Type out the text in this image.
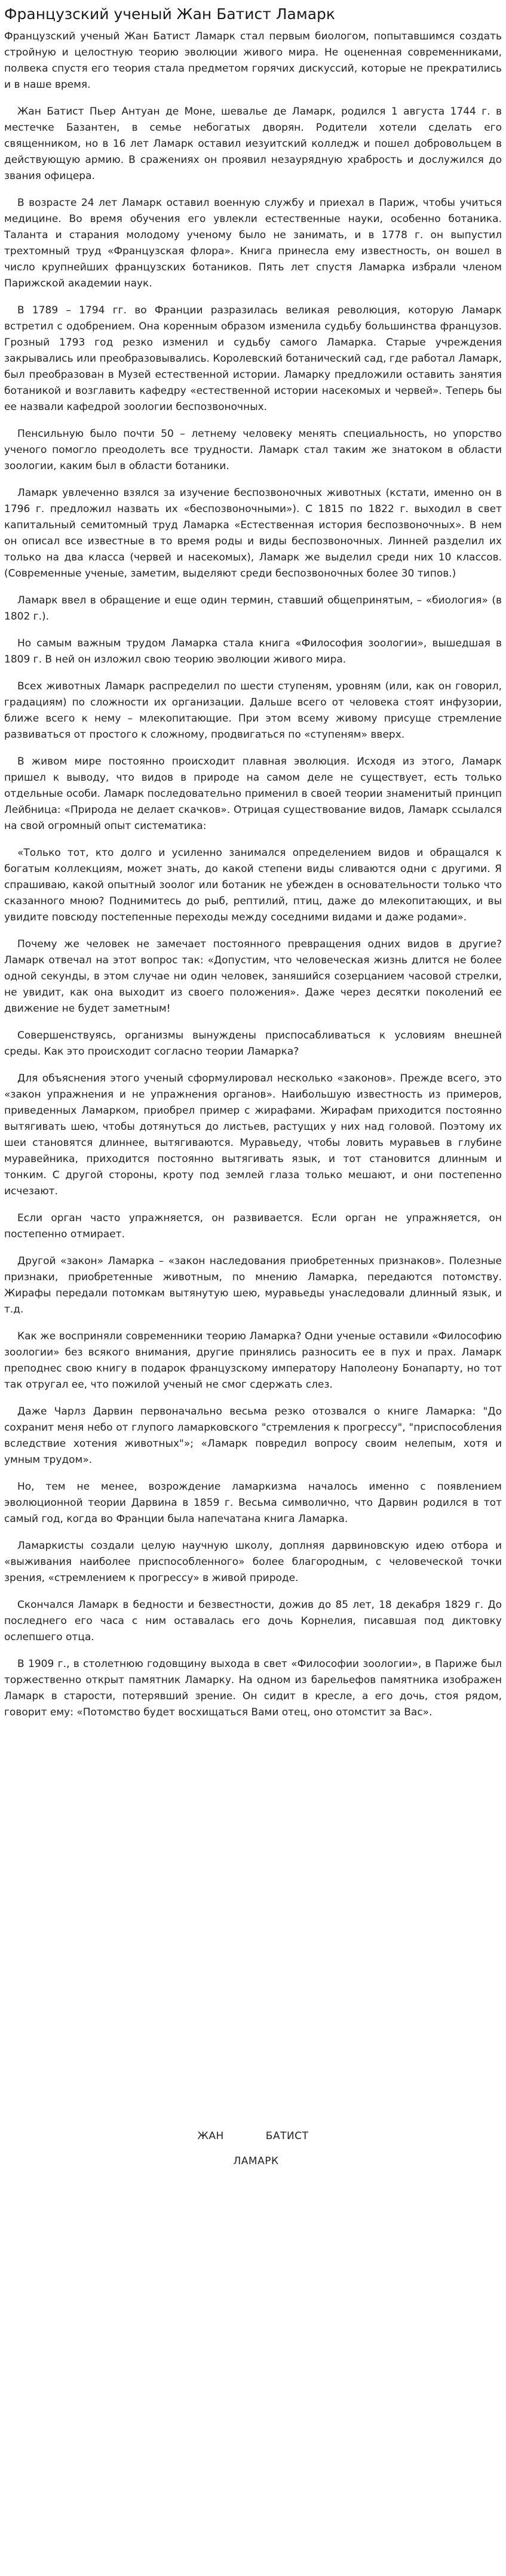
Французский ученый Жан Батист Ламарк

Французский ученый Жан Батист Ламарк стал первым биологом, попытавшимся создать стройную и целостную теорию эволюции живого мира. Не оцененная современниками, полвека спустя его теория стала предметом горячих дискуссий, которые не прекратились и в наше время.

Жан Батист Пьер Антуан де Моне, шевалье де Ламарк, родился 1 августа 1744 г. в местечке Базантен, в семье небогатых дворян. Родители хотели сделать его священником, но в 16 лет Ламарк оставил иезуитский колледж и пошел добровольцем в действующую армию. В сражениях он проявил незаурядную храбрость и дослужился до звания офицера.

В возрасте 24 лет Ламарк оставил военную службу и приехал в Париж, чтобы учиться медицине. Во время обучения его увлекли естественные науки, особенно ботаника. Таланта и старания молодому ученому было не занимать, и в 1778 г. он выпустил трехтомный труд «Французская флора». Книга принесла ему известность, он вошел в число крупнейших французских ботаников. Пять лет спустя Ламарка избрали членом Парижской академии наук.

В 1789 – 1794 гг. во Франции разразилась великая революция, которую Ламарк встретил с одобрением. Она коренным образом изменила судьбу большинства французов. Грозный 1793 год резко изменил и судьбу самого Ламарка. Старые учреждения закрывались или преобразовывались. Королевский ботанический сад, где работал Ламарк, был преобразован в Музей естественной истории. Ламарку предложили оставить занятия ботаникой и возглавить кафедру «естественной истории насекомых и червей». Теперь бы ее назвали кафедрой зоологии беспозвоночных.

Пенсильную было почти 50 – летнему человеку менять специальность, но упорство ученого помогло преодолеть все трудности. Ламарк стал таким же знатоком в области зоологии, каким был в области ботаники.

Ламарк увлеченно взялся за изучение беспозвоночных животных (кстати, именно он в 1796 г. предложил назвать их «беспозвоночными»). С 1815 по 1822 г. выходил в свет капитальный семитомный труд Ламарка «Естественная история беспозвоночных». В нем он описал все известные в то время роды и виды беспозвоночных. Линней разделил их только на два класса (червей и насекомых), Ламарк же выделил среди них 10 классов. (Современные ученые, заметим, выделяют среди беспозвоночных более 30 типов.)

Ламарк ввел в обращение и еще один термин, ставший общепринятым, – «биология» (в 1802 г.).

Но самым важным трудом Ламарка стала книга «Философия зоологии», вышедшая в 1809 г. В ней он изложил свою теорию эволюции живого мира.

Всех животных Ламарк распределил по шести ступеням, уровням (или, как он говорил, градациям) по сложности их организации. Дальше всего от человека стоят инфузории, ближе всего к нему – млекопитающие. При этом всему живому присуще стремление развиваться от простого к сложному, продвигаться по «ступеням» вверх.

В живом мире постоянно происходит плавная эволюция. Исходя из этого, Ламарк пришел к выводу, что видов в природе на самом деле не существует, есть только отдельные особи. Ламарк последовательно применил в своей теории знаменитый принцип Лейбница: «Природа не делает скачков». Отрицая существование видов, Ламарк ссылался на свой огромный опыт систематика:

«Только тот, кто долго и усиленно занимался определением видов и обращался к богатым коллекциям, может знать, до какой степени виды сливаются одни с другими. Я спрашиваю, какой опытный зоолог или ботаник не убежден в основательности только что сказанного мною? Поднимитесь до рыб, рептилий, птиц, даже до млекопитающих, и вы увидите повсюду постепенные переходы между соседними видами и даже родами».

Почему же человек не замечает постоянного превращения одних видов в другие? Ламарк отвечал на этот вопрос так: «Допустим, что человеческая жизнь длится не более одной секунды, в этом случае ни один человек, заняшийся созерцанием часовой стрелки, не увидит, как она выходит из своего положения». Даже через десятки поколений ее движение не будет заметным!

Совершенствуясь, организмы вынуждены приспосабливаться к условиям внешней среды. Как это происходит согласно теории Ламарка?

Для объяснения этого ученый сформулировал несколько «законов». Прежде всего, это «закон упражнения и не упражнения органов». Наибольшую известность из примеров, приведенных Ламарком, приобрел пример с жирафами. Жирафам приходится постоянно вытягивать шею, чтобы дотянуться до листьев, растущих у них над головой. Поэтому их шеи становятся длиннее, вытягиваются. Муравьеду, чтобы ловить муравьев в глубине муравейника, приходится постоянно вытягивать язык, и тот становится длинным и тонким. С другой стороны, кроту под землей глаза только мешают, и они постепенно исчезают.

Если орган часто упражняется, он развивается. Если орган не упражняется, он постепенно отмирает.

Другой «закон» Ламарка – «закон наследования приобретенных признаков». Полезные признаки, приобретенные животным, по мнению Ламарка, передаются потомству. Жирафы передали потомкам вытянутую шею, муравьеды унаследовали длинный язык, и т.д.

Как же восприняли современники теорию Ламарка? Одни ученые оставили «Философию зоологии» без всякого внимания, другие принялись разносить ее в пух и прах. Ламарк преподнес свою книгу в подарок французскому императору Наполеону Бонапарту, но тот так отругал ее, что пожилой ученый не смог сдержать слез.

Даже Чарлз Дарвин первоначально весьма резко отозвался о книге Ламарка: "До сохранит меня небо от глупого ламарковского "стремления к прогрессу", "приспособления вследствие хотения животных"»; «Ламарк повредил вопросу своим нелепым, хотя и умным трудом».

Но, тем не менее, возрождение ламаркизма началось именно с появлением эволюционной теории Дарвина в 1859 г. Весьма символично, что Дарвин родился в тот самый год, когда во Франции была напечатана книга Ламарка.

Ламаркисты создали целую научную школу, доплняя дарвиновскую идею отбора и «выживания наиболее приспособленного» более благородным, с человеческой точки зрения, «стремлением к прогрессу» в живой природе.

Скончался Ламарк в бедности и безвестности, дожив до 85 лет, 18 декабря 1829 г. До последнего его часа с ним оставалась его дочь Корнелия, писавшая под диктовку ослепшего отца.

В 1909 г., в столетнюю годовщину выхода в свет «Философии зоологии», в Париже был торжественно открыт памятник Ламарку. На одном из барельефов памятника изображен Ламарк в старости, потерявший зрение. Он сидит в кресле, а его дочь, стоя рядом, говорит ему: «Потомство будет восхищаться Вами отец, оно отомстит за Вас».

ЖАН	БАТИСТ
ЛАМАРК
